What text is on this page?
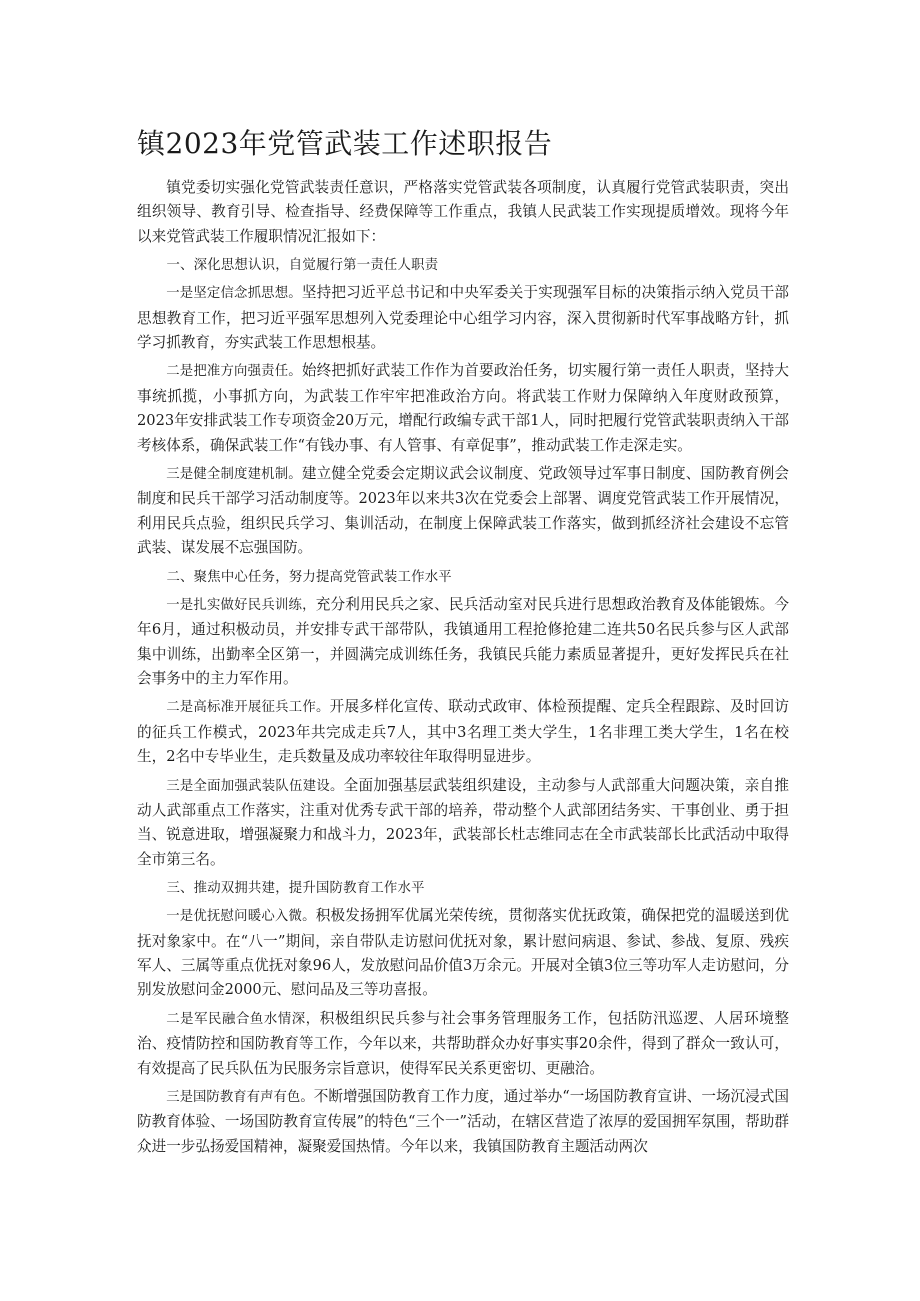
镇2023年党管武装工作述职报告

镇党委切实强化党管武装责任意识，严格落实党管武装各项制度，认真履行党管武装职责，突出组织领导、教育引导、检查指导、经费保障等工作重点，我镇人民武装工作实现提质增效。现将今年以来党管武装工作履职情况汇报如下：

一、深化思想认识，自觉履行第一责任人职责

一是坚定信念抓思想。坚持把习近平总书记和中央军委关于实现强军目标的决策指示纳入党员干部思想教育工作，把习近平强军思想列入党委理论中心组学习内容，深入贯彻新时代军事战略方针，抓学习抓教育，夯实武装工作思想根基。

二是把准方向强责任。始终把抓好武装工作作为首要政治任务，切实履行第一责任人职责，坚持大事统抓揽，小事抓方向，为武装工作牢牢把准政治方向。将武装工作财力保障纳入年度财政预算，2023年安排武装工作专项资金20万元，增配行政编专武干部1人，同时把履行党管武装职责纳入干部考核体系，确保武装工作“有钱办事、有人管事、有章促事”，推动武装工作走深走实。

三是健全制度建机制。建立健全党委会定期议武会议制度、党政领导过军事日制度、国防教育例会制度和民兵干部学习活动制度等。2023年以来共3次在党委会上部署、调度党管武装工作开展情况，利用民兵点验，组织民兵学习、集训活动，在制度上保障武装工作落实，做到抓经济社会建设不忘管武装、谋发展不忘强国防。

二、聚焦中心任务，努力提高党管武装工作水平

一是扎实做好民兵训练，充分利用民兵之家、民兵活动室对民兵进行思想政治教育及体能锻炼。今年6月，通过积极动员，并安排专武干部带队，我镇通用工程抢修抢建二连共50名民兵参与区人武部集中训练，出勤率全区第一，并圆满完成训练任务，我镇民兵能力素质显著提升，更好发挥民兵在社会事务中的主力军作用。

二是高标准开展征兵工作。开展多样化宣传、联动式政审、体检预提醒、定兵全程跟踪、及时回访的征兵工作模式，2023年共完成走兵7人，其中3名理工类大学生，1名非理工类大学生，1名在校生，2名中专毕业生，走兵数量及成功率较往年取得明显进步。

三是全面加强武装队伍建设。全面加强基层武装组织建设，主动参与人武部重大问题决策，亲自推动人武部重点工作落实，注重对优秀专武干部的培养，带动整个人武部团结务实、干事创业、勇于担当、锐意进取，增强凝聚力和战斗力，2023年，武装部长杜志维同志在全市武装部长比武活动中取得全市第三名。

三、推动双拥共建，提升国防教育工作水平

一是优抚慰问暖心入微。积极发扬拥军优属光荣传统，贯彻落实优抚政策，确保把党的温暖送到优抚对象家中。在“八一”期间，亲自带队走访慰问优抚对象，累计慰问病退、参试、参战、复原、残疾军人、三属等重点优抚对象96人，发放慰问品价值3万余元。开展对全镇3位三等功军人走访慰问，分别发放慰问金2000元、慰问品及三等功喜报。

二是军民融合鱼水情深，积极组织民兵参与社会事务管理服务工作，包括防汛巡逻、人居环境整治、疫情防控和国防教育等工作，今年以来，共帮助群众办好事实事20余件，得到了群众一致认可，有效提高了民兵队伍为民服务宗旨意识，使得军民关系更密切、更融洽。

三是国防教育有声有色。不断增强国防教育工作力度，通过举办“一场国防教育宣讲、一场沉浸式国防教育体验、一场国防教育宣传展”的特色“三个一”活动，在辖区营造了浓厚的爱国拥军氛围，帮助群众进一步弘扬爱国精神，凝聚爱国热情。今年以来，我镇国防教育主题活动两次
